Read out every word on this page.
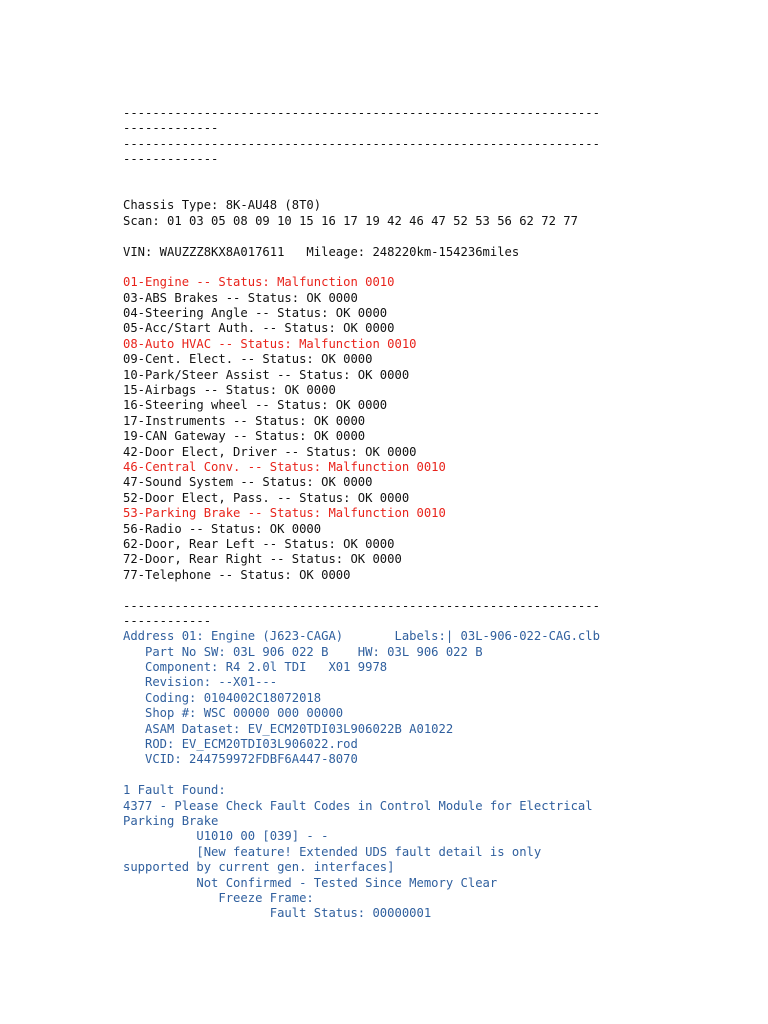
-----------------------------------------------------------------
-------------
-----------------------------------------------------------------
-------------
Chassis Type: 8K-AU48 (8T0)
Scan: 01 03 05 08 09 10 15 16 17 19 42 46 47 52 53 56 62 72 77
VIN: WAUZZZ8KX8A017611   Mileage: 248220km-154236miles
01-Engine -- Status: Malfunction 0010
03-ABS Brakes -- Status: OK 0000
04-Steering Angle -- Status: OK 0000
05-Acc/Start Auth. -- Status: OK 0000
08-Auto HVAC -- Status: Malfunction 0010
09-Cent. Elect. -- Status: OK 0000
10-Park/Steer Assist -- Status: OK 0000
15-Airbags -- Status: OK 0000
16-Steering wheel -- Status: OK 0000
17-Instruments -- Status: OK 0000
19-CAN Gateway -- Status: OK 0000
42-Door Elect, Driver -- Status: OK 0000
46-Central Conv. -- Status: Malfunction 0010
47-Sound System -- Status: OK 0000
52-Door Elect, Pass. -- Status: OK 0000
53-Parking Brake -- Status: Malfunction 0010
56-Radio -- Status: OK 0000
62-Door, Rear Left -- Status: OK 0000
72-Door, Rear Right -- Status: OK 0000
77-Telephone -- Status: OK 0000
-----------------------------------------------------------------
------------
Address 01: Engine (J623-CAGA)       Labels:| 03L-906-022-CAG.clb
Part No SW: 03L 906 022 B    HW: 03L 906 022 B
Component: R4 2.0l TDI   X01 9978
Revision: --X01---
Coding: 0104002C18072018
Shop #: WSC 00000 000 00000
ASAM Dataset: EV_ECM20TDI03L906022B A01022
ROD: EV_ECM20TDI03L906022.rod
VCID: 244759972FDBF6A447-8070
1 Fault Found:
4377 - Please Check Fault Codes in Control Module for Electrical Parking Brake
U1010 00 [039] - -
[New feature! Extended UDS fault detail is only
supported by current gen. interfaces]
Not Confirmed - Tested Since Memory Clear
Freeze Frame:
Fault Status: 00000001
